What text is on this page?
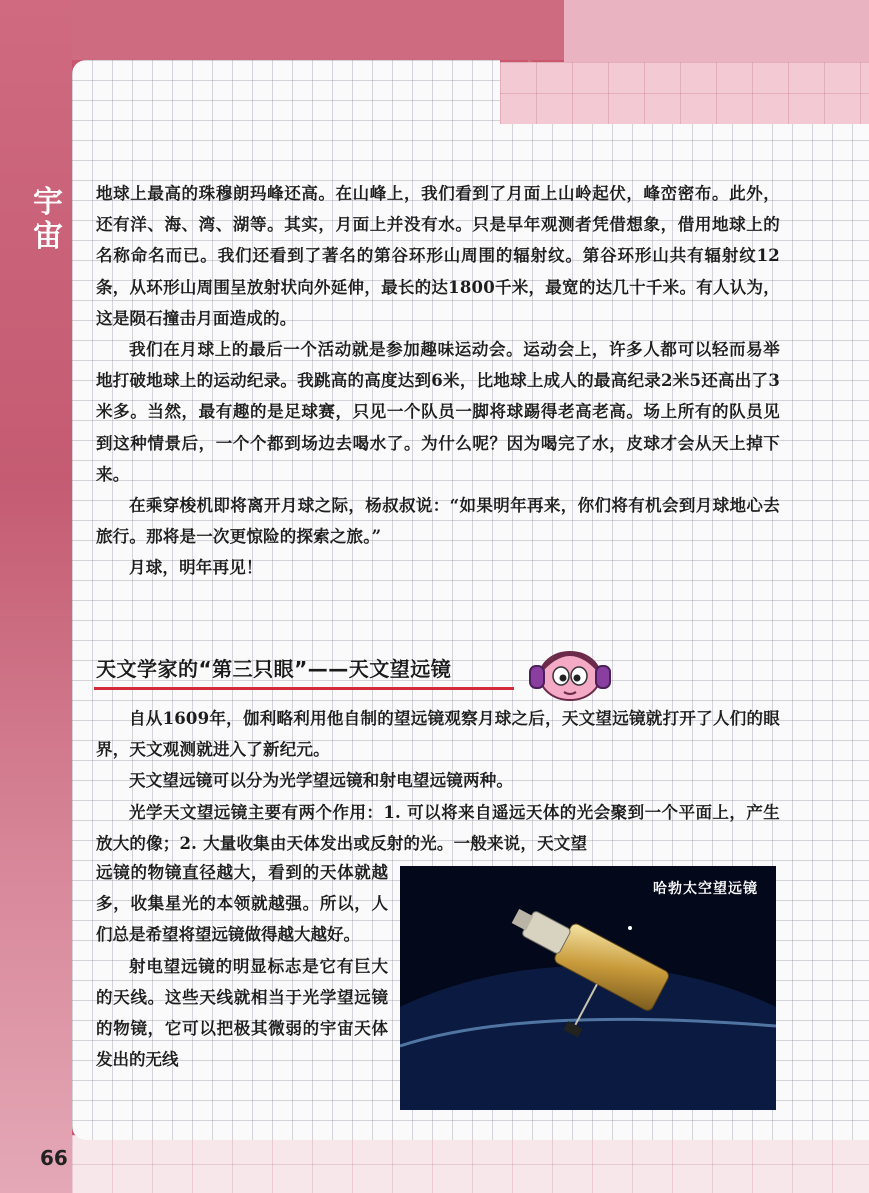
宇宙

地球上最高的珠穆朗玛峰还高。在山峰上，我们看到了月面上山岭起伏，峰峦密布。此外，还有洋、海、湾、湖等。其实，月面上并没有水。只是早年观测者凭借想象，借用地球上的名称命名而已。我们还看到了著名的第谷环形山周围的辐射纹。第谷环形山共有辐射纹12条，从环形山周围呈放射状向外延伸，最长的达1800千米，最宽的达几十千米。有人认为，这是陨石撞击月面造成的。

我们在月球上的最后一个活动就是参加趣味运动会。运动会上，许多人都可以轻而易举地打破地球上的运动纪录。我跳高的高度达到6米，比地球上成人的最高纪录2米5还高出了3米多。当然，最有趣的是足球赛，只见一个队员一脚将球踢得老高老高。场上所有的队员见到这种情景后，一个个都到场边去喝水了。为什么呢？因为喝完了水，皮球才会从天上掉下来。

在乘穿梭机即将离开月球之际，杨叔叔说：“如果明年再来，你们将有机会到月球地心去旅行。那将是一次更惊险的探索之旅。”

月球，明年再见！

天文学家的“第三只眼”——天文望远镜

自从1609年，伽利略利用他自制的望远镜观察月球之后，天文望远镜就打开了人们的眼界，天文观测就进入了新纪元。

天文望远镜可以分为光学望远镜和射电望远镜两种。

光学天文望远镜主要有两个作用：1. 可以将来自遥远天体的光会聚到一个平面上，产生放大的像；2. 大量收集由天体发出或反射的光。一般来说，天文望

远镜的物镜直径越大，看到的天体就越多，收集星光的本领就越强。所以，人们总是希望将望远镜做得越大越好。

射电望远镜的明显标志是它有巨大的天线。这些天线就相当于光学望远镜的物镜，它可以把极其微弱的宇宙天体发出的无线

哈勃太空望远镜
66
